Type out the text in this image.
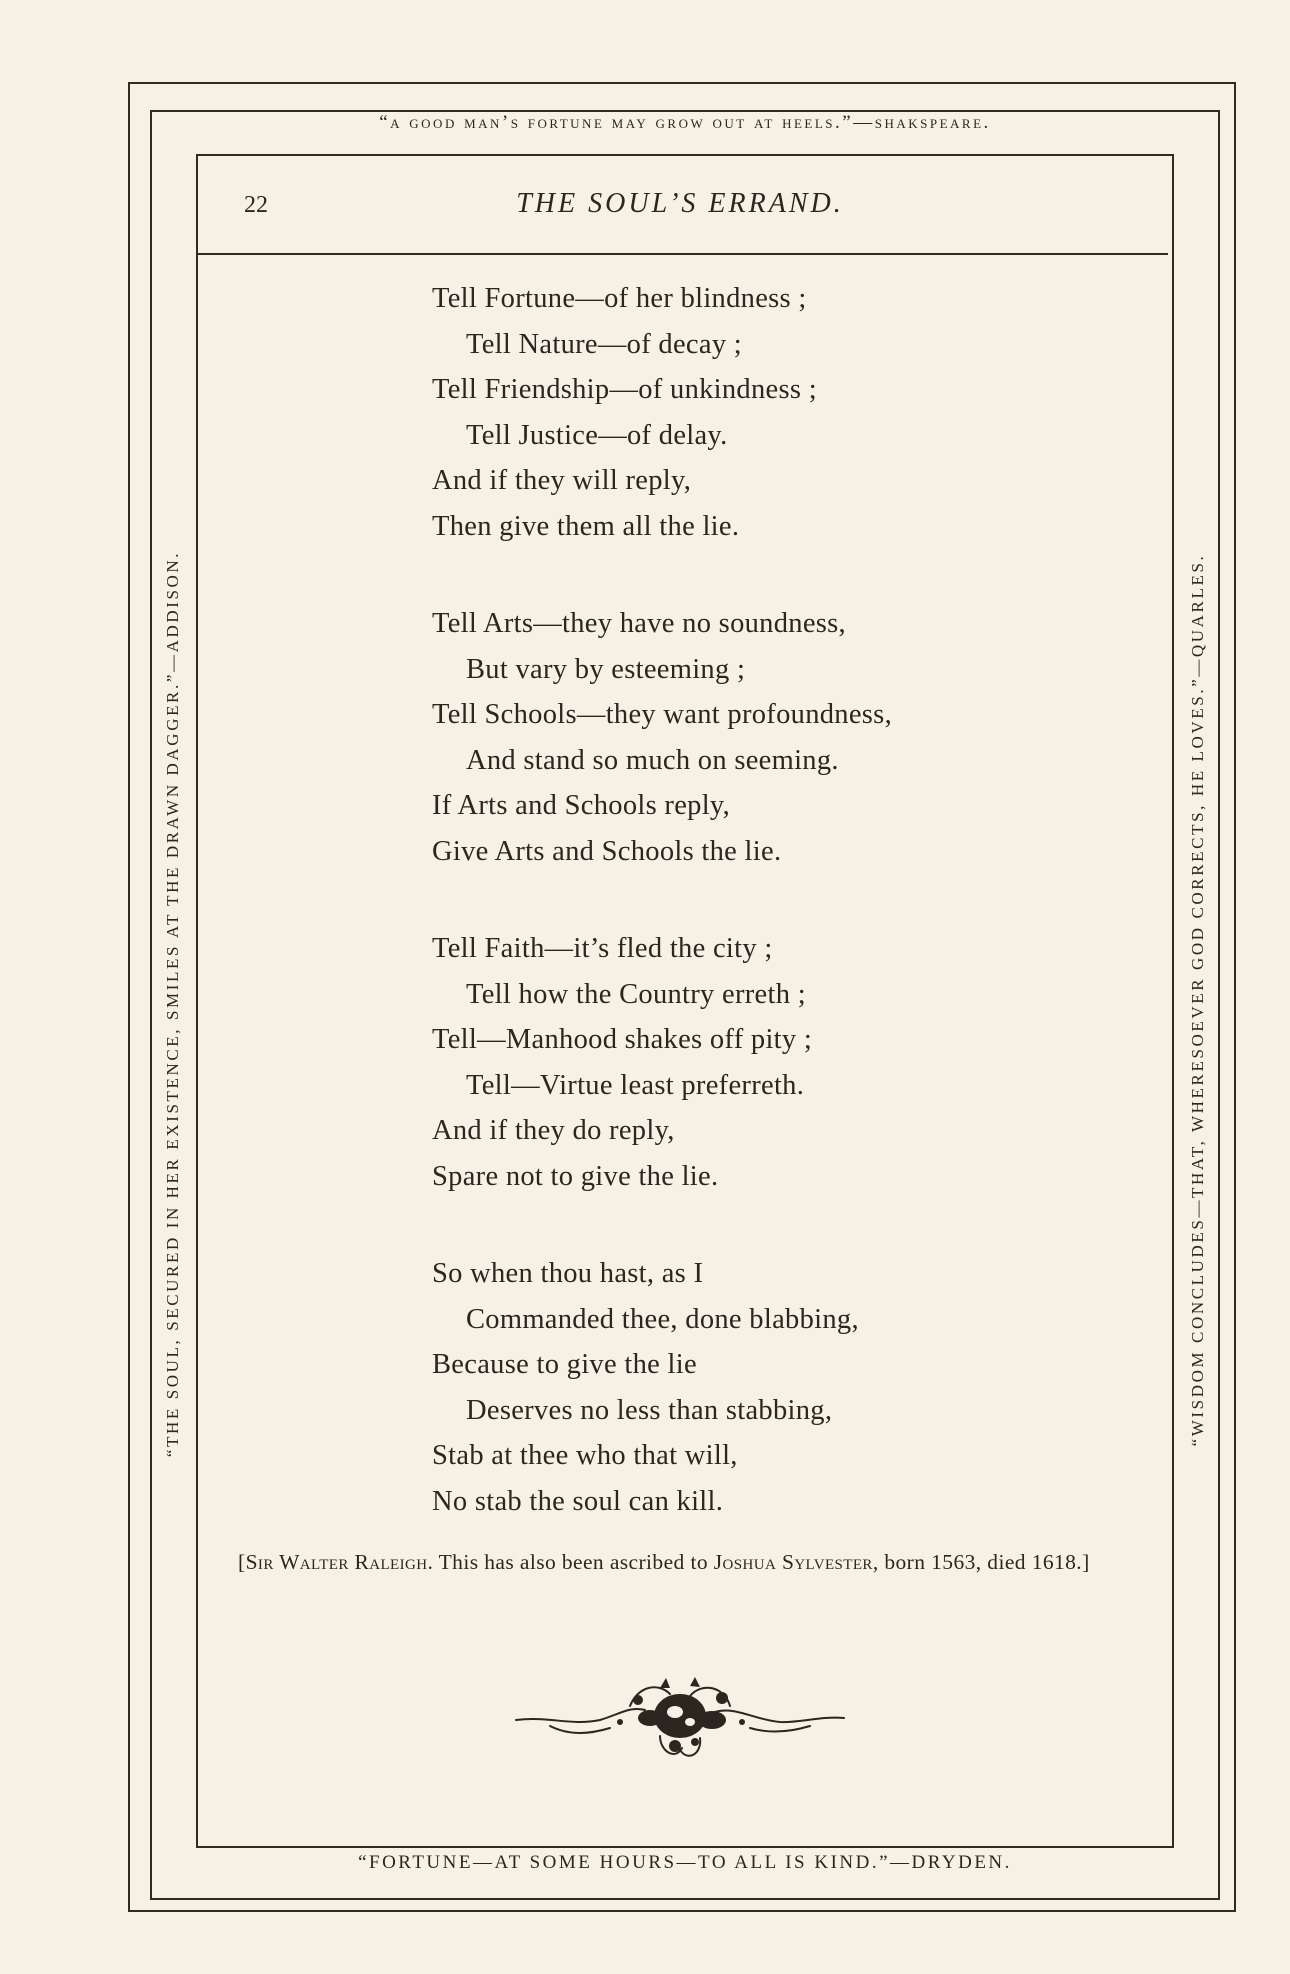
“a good man’s fortune may grow out at heels.”—shakspeare.
“THE SOUL, SECURED IN HER EXISTENCE, SMILES AT THE DRAWN DAGGER.”—ADDISON.	“WISDOM CONCLUDES—THAT, WHERESOEVER GOD CORRECTS, HE LOVES.”—QUARLES.
“FORTUNE—AT SOME HOURS—TO ALL IS KIND.”—DRYDEN.
22	THE SOUL’S ERRAND.
Tell Fortune—of her blindness ;
Tell Nature—of decay ;
Tell Friendship—of unkindness ;
Tell Justice—of delay.
And if they will reply,
Then give them all the lie.
Tell Arts—they have no soundness,
But vary by esteeming ;
Tell Schools—they want profoundness,
And stand so much on seeming.
If Arts and Schools reply,
Give Arts and Schools the lie.
Tell Faith—it’s fled the city ;
Tell how the Country erreth ;
Tell—Manhood shakes off pity ;
Tell—Virtue least preferreth.
And if they do reply,
Spare not to give the lie.
So when thou hast, as I
Commanded thee, done blabbing,
Because to give the lie
Deserves no less than stabbing,
Stab at thee who that will,
No stab the soul can kill.
[Sir Walter Raleigh. This has also been ascribed to Joshua Sylvester, born 1563, died 1618.]
